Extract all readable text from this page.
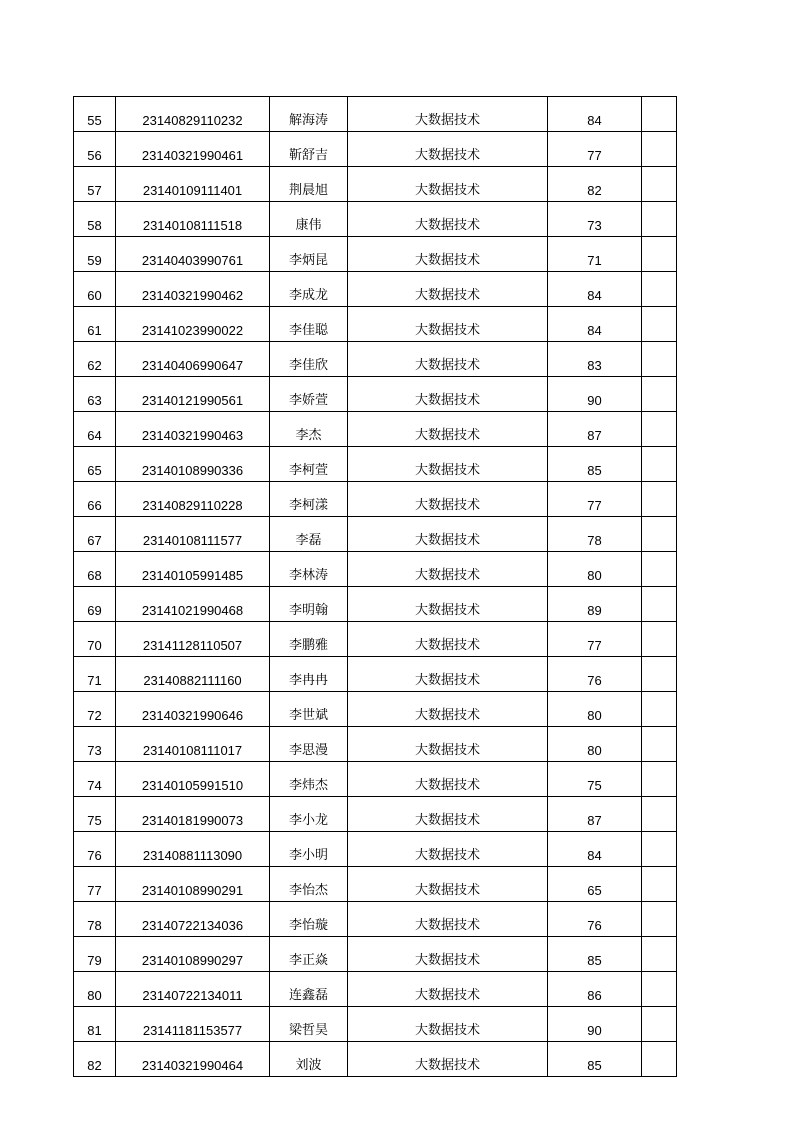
55	23140829110232	解海涛	大数据技术	84	
56	23140321990461	靳舒吉	大数据技术	77	
57	23140109111401	荆晨旭	大数据技术	82	
58	23140108111518	康伟	大数据技术	73	
59	23140403990761	李炳昆	大数据技术	71	
60	23140321990462	李成龙	大数据技术	84	
61	23141023990022	李佳聪	大数据技术	84	
62	23140406990647	李佳欣	大数据技术	83	
63	23140121990561	李娇萱	大数据技术	90	
64	23140321990463	李杰	大数据技术	87	
65	23140108990336	李柯萱	大数据技术	85	
66	23140829110228	李柯漾	大数据技术	77	
67	23140108111577	李磊	大数据技术	78	
68	23140105991485	李林涛	大数据技术	80	
69	23141021990468	李明翰	大数据技术	89	
70	23141128110507	李鹏雅	大数据技术	77	
71	23140882111160	李冉冉	大数据技术	76	
72	23140321990646	李世斌	大数据技术	80	
73	23140108111017	李思漫	大数据技术	80	
74	23140105991510	李炜杰	大数据技术	75	
75	23140181990073	李小龙	大数据技术	87	
76	23140881113090	李小明	大数据技术	84	
77	23140108990291	李怡杰	大数据技术	65	
78	23140722134036	李怡璇	大数据技术	76	
79	23140108990297	李正焱	大数据技术	85	
80	23140722134011	连鑫磊	大数据技术	86	
81	23141181153577	梁哲昊	大数据技术	90	
82	23140321990464	刘波	大数据技术	85	
